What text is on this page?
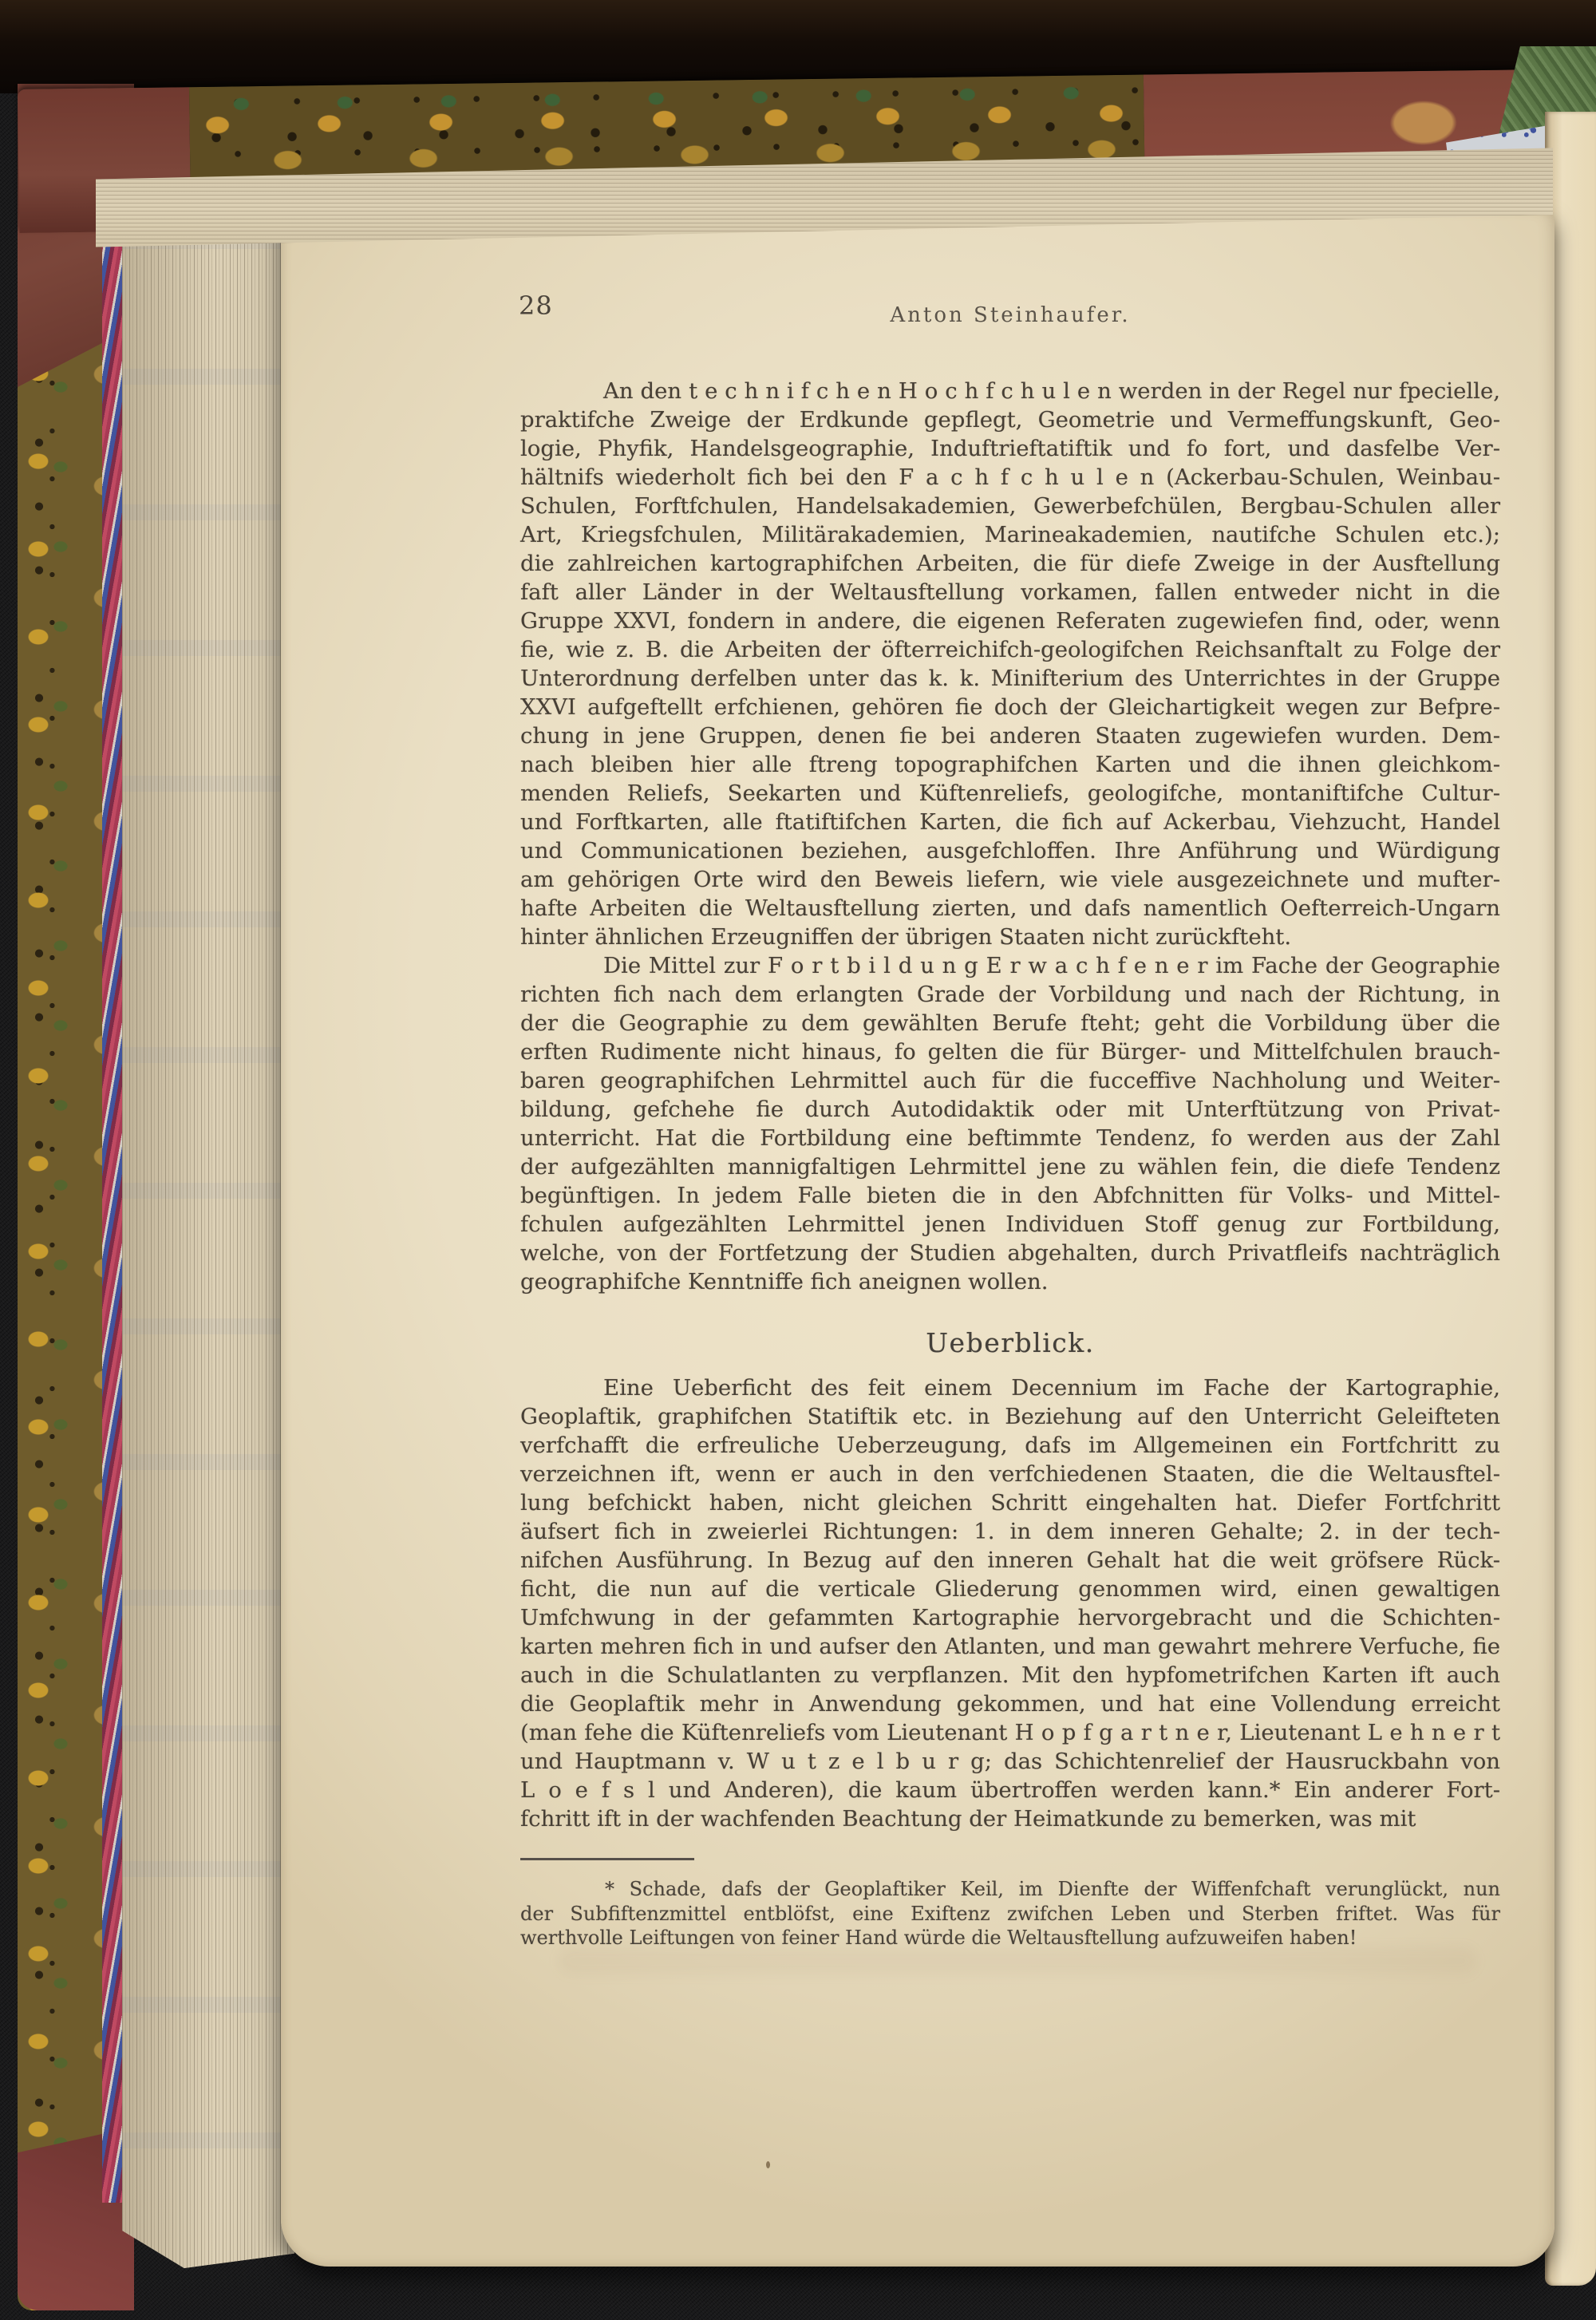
28	Anton Steinhaufer.
An den t e c h n i f c h e n H o c h f c h u l e n werden in der Regel nur fpecielle,
praktifche Zweige der Erdkunde gepflegt, Geometrie und Vermeffungskunft, Geo-
logie, Phyfik, Handelsgeographie, Induftrieftatiftik und fo fort, und dasfelbe Ver-
hältnifs wiederholt fich bei den F a c h f c h u l e n (Ackerbau-Schulen, Weinbau-
Schulen, Forftfchulen, Handelsakademien, Gewerbefchülen, Bergbau-Schulen aller
Art, Kriegsfchulen, Militärakademien, Marineakademien, nautifche Schulen etc.);
die zahlreichen kartographifchen Arbeiten, die für diefe Zweige in der Ausftellung
faft aller Länder in der Weltausftellung vorkamen, fallen entweder nicht in die
Gruppe XXVI, fondern in andere, die eigenen Referaten zugewiefen find, oder, wenn
fie, wie z. B. die Arbeiten der öfterreichifch-geologifchen Reichsanftalt zu Folge der
Unterordnung derfelben unter das k. k. Minifterium des Unterrichtes in der Gruppe
XXVI aufgeftellt erfchienen, gehören fie doch der Gleichartigkeit wegen zur Befpre-
chung in jene Gruppen, denen fie bei anderen Staaten zugewiefen wurden. Dem-
nach bleiben hier alle ftreng topographifchen Karten und die ihnen gleichkom-
menden Reliefs, Seekarten und Küftenreliefs, geologifche, montaniftifche Cultur-
und Forftkarten, alle ftatiftifchen Karten, die fich auf Ackerbau, Viehzucht, Handel
und Communicationen beziehen, ausgefchloffen. Ihre Anführung und Würdigung
am gehörigen Orte wird den Beweis liefern, wie viele ausgezeichnete und mufter-
hafte Arbeiten die Weltausftellung zierten, und dafs namentlich Oefterreich-Ungarn
hinter ähnlichen Erzeugniffen der übrigen Staaten nicht zurückfteht.
Die Mittel zur F o r t b i l d u n g E r w a c h f e n e r im Fache der Geographie
richten fich nach dem erlangten Grade der Vorbildung und nach der Richtung, in
der die Geographie zu dem gewählten Berufe fteht; geht die Vorbildung über die
erften Rudimente nicht hinaus, fo gelten die für Bürger- und Mittelfchulen brauch-
baren geographifchen Lehrmittel auch für die fucceffive Nachholung und Weiter-
bildung, gefchehe fie durch Autodidaktik oder mit Unterftützung von Privat-
unterricht. Hat die Fortbildung eine beftimmte Tendenz, fo werden aus der Zahl
der aufgezählten mannigfaltigen Lehrmittel jene zu wählen fein, die diefe Tendenz
begünftigen. In jedem Falle bieten die in den Abfchnitten für Volks- und Mittel-
fchulen aufgezählten Lehrmittel jenen Individuen Stoff genug zur Fortbildung,
welche, von der Fortfetzung der Studien abgehalten, durch Privatfleifs nachträglich
geographifche Kenntniffe fich aneignen wollen.
Ueberblick.
Eine Ueberficht des feit einem Decennium im Fache der Kartographie,
Geoplaftik, graphifchen Statiftik etc. in Beziehung auf den Unterricht Geleifteten
verfchafft die erfreuliche Ueberzeugung, dafs im Allgemeinen ein Fortfchritt zu
verzeichnen ift, wenn er auch in den verfchiedenen Staaten, die die Weltausftel-
lung befchickt haben, nicht gleichen Schritt eingehalten hat. Diefer Fortfchritt
äufsert fich in zweierlei Richtungen: 1. in dem inneren Gehalte; 2. in der tech-
nifchen Ausführung. In Bezug auf den inneren Gehalt hat die weit gröfsere Rück-
ficht, die nun auf die verticale Gliederung genommen wird, einen gewaltigen
Umfchwung in der gefammten Kartographie hervorgebracht und die Schichten-
karten mehren fich in und aufser den Atlanten, und man gewahrt mehrere Verfuche, fie
auch in die Schulatlanten zu verpflanzen. Mit den hypfometrifchen Karten ift auch
die Geoplaftik mehr in Anwendung gekommen, und hat eine Vollendung erreicht
(man fehe die Küftenreliefs vom Lieutenant H o p f g a r t n e r, Lieutenant L e h n e r t
und Hauptmann v. W u t z e l b u r g; das Schichtenrelief der Hausruckbahn von
L o e f s l und Anderen), die kaum übertroffen werden kann.* Ein anderer Fort-
fchritt ift in der wachfenden Beachtung der Heimatkunde zu bemerken, was mit
* Schade, dafs der Geoplaftiker Keil, im Dienfte der Wiffenfchaft verunglückt, nun
der Subfiftenzmittel entblöfst, eine Exiftenz zwifchen Leben und Sterben friftet. Was für
werthvolle Leiftungen von feiner Hand würde die Weltausftellung aufzuweifen haben!
